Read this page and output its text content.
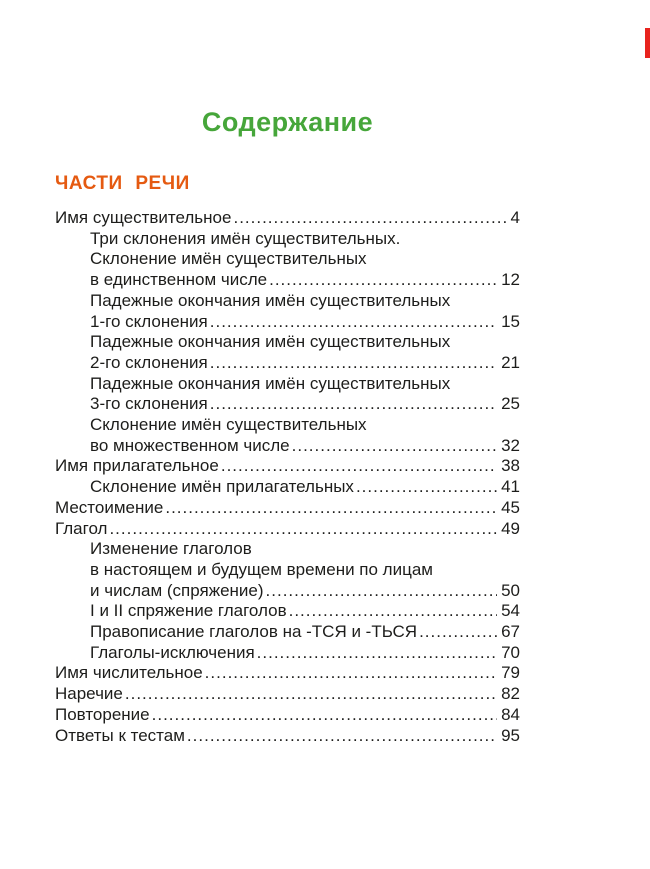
Содержание
ЧАСТИ РЕЧИ
Имя существительное .....	4
Три склонения имён существительных.
Склонение имён существительных
в единственном числе .....	12
Падежные окончания имён существительных
1-го склонения .....	15
Падежные окончания имён существительных
2-го склонения .....	21
Падежные окончания имён существительных
3-го склонения .....	25
Склонение имён существительных
во множественном числе .....	32
Имя прилагательное .....	38
Склонение имён прилагательных .....	41
Местоимение .....	45
Глагол .....	49
Изменение глаголов
в настоящем и будущем времени по лицам
и числам (спряжение) .....	50
I и II спряжение глаголов .....	54
Правописание глаголов на -ТСЯ и -ТЬСЯ .....	67
Глаголы-исключения .....	70
Имя числительное .....	79
Наречие .....	82
Повторение .....	84
Ответы к тестам .....	95
